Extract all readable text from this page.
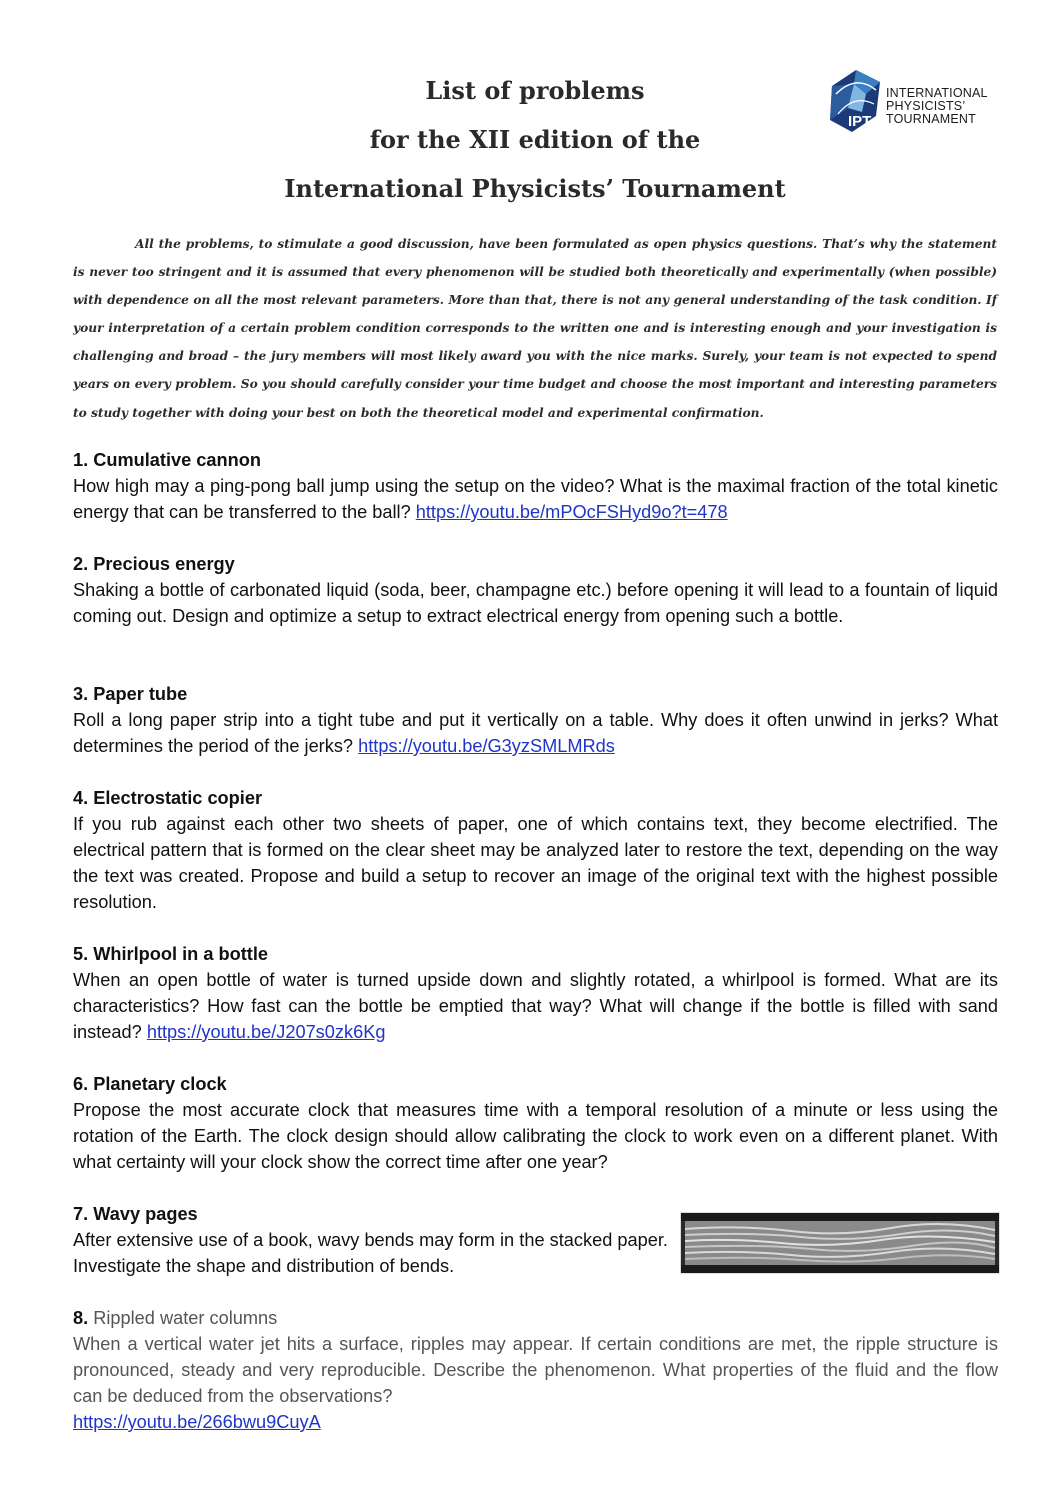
List of problems
for the XII edition of the
International Physicists’ Tournament
IPT
INTERNATIONAL
PHYSICISTS’
TOURNAMENT

All the problems, to stimulate a good discussion, have been formulated as open physics questions. That’s why the statement is never too stringent and it is assumed that every phenomenon will be studied both theoretically and experimentally (when possible) with dependence on all the most relevant parameters. More than that, there is not any general understanding of the task condition. If your interpretation of a certain problem condition corresponds to the written one and is interesting enough and your investigation is challenging and broad – the jury members will most likely award you with the nice marks. Surely, your team is not expected to spend years on every problem. So you should carefully consider your time budget and choose the most important and interesting parameters to study together with doing your best on both the theoretical model and experimental confirmation.

1. Cumulative cannon
How high may a ping-pong ball jump using the setup on the video? What is the maximal fraction of the total kinetic energy that can be transferred to the ball? https://youtu.be/mPOcFSHyd9o?t=478
2. Precious energy
Shaking a bottle of carbonated liquid (soda, beer, champagne etc.) before opening it will lead to a fountain of liquid coming out. Design and optimize a setup to extract electrical energy from opening such a bottle.
3. Paper tube
Roll a long paper strip into a tight tube and put it vertically on a table. Why does it often unwind in jerks? What determines the period of the jerks? https://youtu.be/G3yzSMLMRds
4. Electrostatic copier
If you rub against each other two sheets of paper, one of which contains text, they become electrified. The electrical pattern that is formed on the clear sheet may be analyzed later to restore the text, depending on the way the text was created. Propose and build a setup to recover an image of the original text with the highest possible resolution.
5. Whirlpool in a bottle
When an open bottle of water is turned upside down and slightly rotated, a whirlpool is formed. What are its characteristics? How fast can the bottle be emptied that way? What will change if the bottle is filled with sand instead? https://youtu.be/J207s0zk6Kg
6. Planetary clock
Propose the most accurate clock that measures time with a temporal resolution of a minute or less using the rotation of the Earth. The clock design should allow calibrating the clock to work even on a different planet. With what certainty will your clock show the correct time after one year?
7. Wavy pages
After extensive use of a book, wavy bends may form in the stacked paper. Investigate the shape and distribution of bends.
8. Rippled water columns
When a vertical water jet hits a surface, ripples may appear. If certain conditions are met, the ripple structure is pronounced, steady and very reproducible. Describe the phenomenon. What properties of the fluid and the flow can be deduced from the observations?
https://youtu.be/266bwu9CuyA
